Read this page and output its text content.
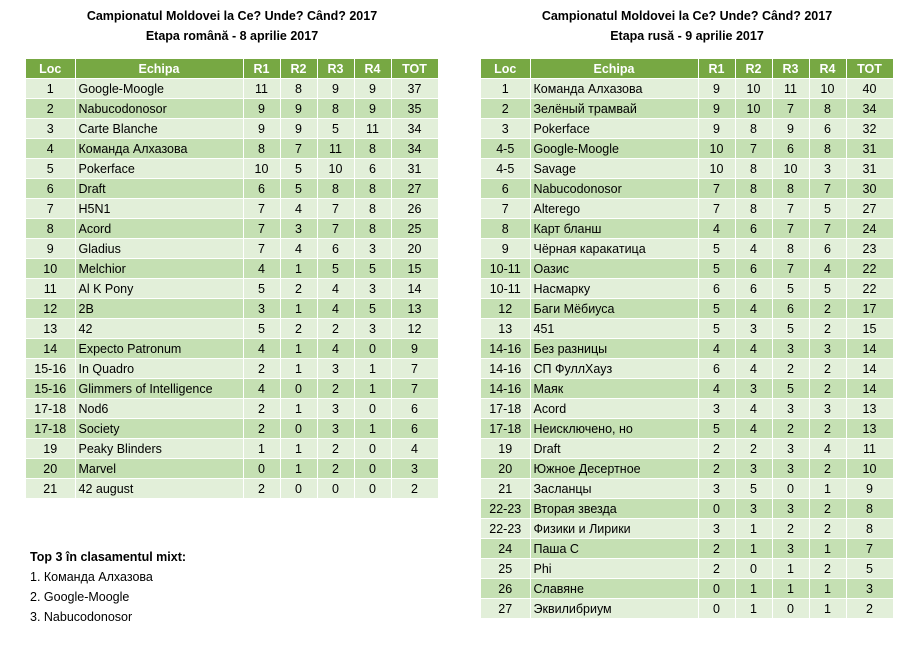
Campionatul Moldovei la Ce? Unde? Când? 2017
Etapa română - 8 aprilie 2017
Loc	Echipa	R1	R2	R3	R4	TOT
1	Google-Moogle	11	8	9	9	37
2	Nabucodonosor	9	9	8	9	35
3	Carte Blanche	9	9	5	11	34
4	Команда Алхазова	8	7	11	8	34
5	Pokerface	10	5	10	6	31
6	Draft	6	5	8	8	27
7	H5N1	7	4	7	8	26
8	Acord	7	3	7	8	25
9	Gladius	7	4	6	3	20
10	Melchior	4	1	5	5	15
11	Al K Pony	5	2	4	3	14
12	2B	3	1	4	5	13
13	42	5	2	2	3	12
14	Expecto Patronum	4	1	4	0	9
15-16	In Quadro	2	1	3	1	7
15-16	Glimmers of Intelligence	4	0	2	1	7
17-18	Nod6	2	1	3	0	6
17-18	Society	2	0	3	1	6
19	Peaky Blinders	1	1	2	0	4
20	Marvel	0	1	2	0	3
21	42 august	2	0	0	0	2
Campionatul Moldovei la Ce? Unde? Când? 2017
Etapa rusă - 9 aprilie 2017
Loc	Echipa	R1	R2	R3	R4	TOT
1	Команда Алхазова	9	10	11	10	40
2	Зелёный трамвай	9	10	7	8	34
3	Pokerface	9	8	9	6	32
4-5	Google-Moogle	10	7	6	8	31
4-5	Savage	10	8	10	3	31
6	Nabucodonosor	7	8	8	7	30
7	Alterego	7	8	7	5	27
8	Карт бланш	4	6	7	7	24
9	Чёрная каракатица	5	4	8	6	23
10-11	Оазис	5	6	7	4	22
10-11	Насмарку	6	6	5	5	22
12	Баги Мёбиуса	5	4	6	2	17
13	451	5	3	5	2	15
14-16	Без разницы	4	4	3	3	14
14-16	СП ФуллХауз	6	4	2	2	14
14-16	Маяк	4	3	5	2	14
17-18	Acord	3	4	3	3	13
17-18	Неисключено, но	5	4	2	2	13
19	Draft	2	2	3	4	11
20	Южное Десертное	2	3	3	2	10
21	Засланцы	3	5	0	1	9
22-23	Вторая звезда	0	3	3	2	8
22-23	Физики и Лирики	3	1	2	2	8
24	Паша С	2	1	3	1	7
25	Phi	2	0	1	2	5
26	Славяне	0	1	1	1	3
27	Эквилибриум	0	1	0	1	2
Top 3 în clasamentul mixt:
1. Команда Алхазова
2. Google-Moogle
3. Nabucodonosor
